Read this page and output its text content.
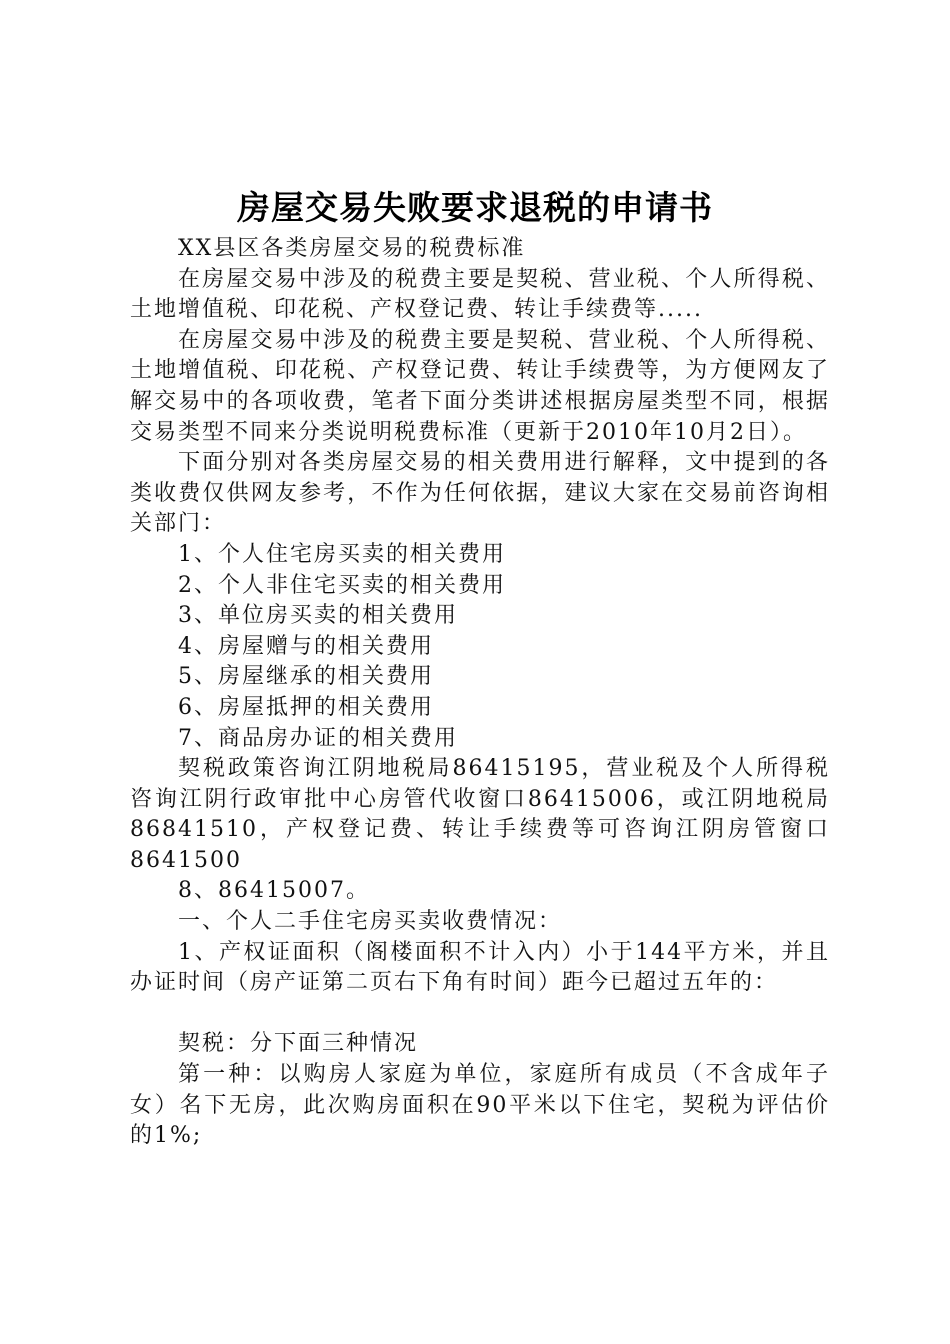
房屋交易失败要求退税的申请书

XX县区各类房屋交易的税费标准

在房屋交易中涉及的税费主要是契税、营业税、个人所得税、土地增值税、印花税、产权登记费、转让手续费等.....

在房屋交易中涉及的税费主要是契税、营业税、个人所得税、土地增值税、印花税、产权登记费、转让手续费等，为方便网友了解交易中的各项收费，笔者下面分类讲述根据房屋类型不同，根据交易类型不同来分类说明税费标准（更新于2010年10月2日）。

下面分别对各类房屋交易的相关费用进行解释，文中提到的各类收费仅供网友参考，不作为任何依据，建议大家在交易前咨询相关部门：

1、个人住宅房买卖的相关费用

2、个人非住宅买卖的相关费用

3、单位房买卖的相关费用

4、房屋赠与的相关费用

5、房屋继承的相关费用

6、房屋抵押的相关费用

7、商品房办证的相关费用

契税政策咨询江阴地税局86415195，营业税及个人所得税咨询江阴行政审批中心房管代收窗口86415006，或江阴地税局86841510，产权登记费、转让手续费等可咨询江阴房管窗口8641500

8、86415007。

一、个人二手住宅房买卖收费情况：

1、产权证面积（阁楼面积不计入内）小于144平方米，并且办证时间（房产证第二页右下角有时间）距今已超过五年的：

契税：分下面三种情况

第一种：以购房人家庭为单位，家庭所有成员（不含成年子女）名下无房，此次购房面积在90平米以下住宅，契税为评估价的1%;
